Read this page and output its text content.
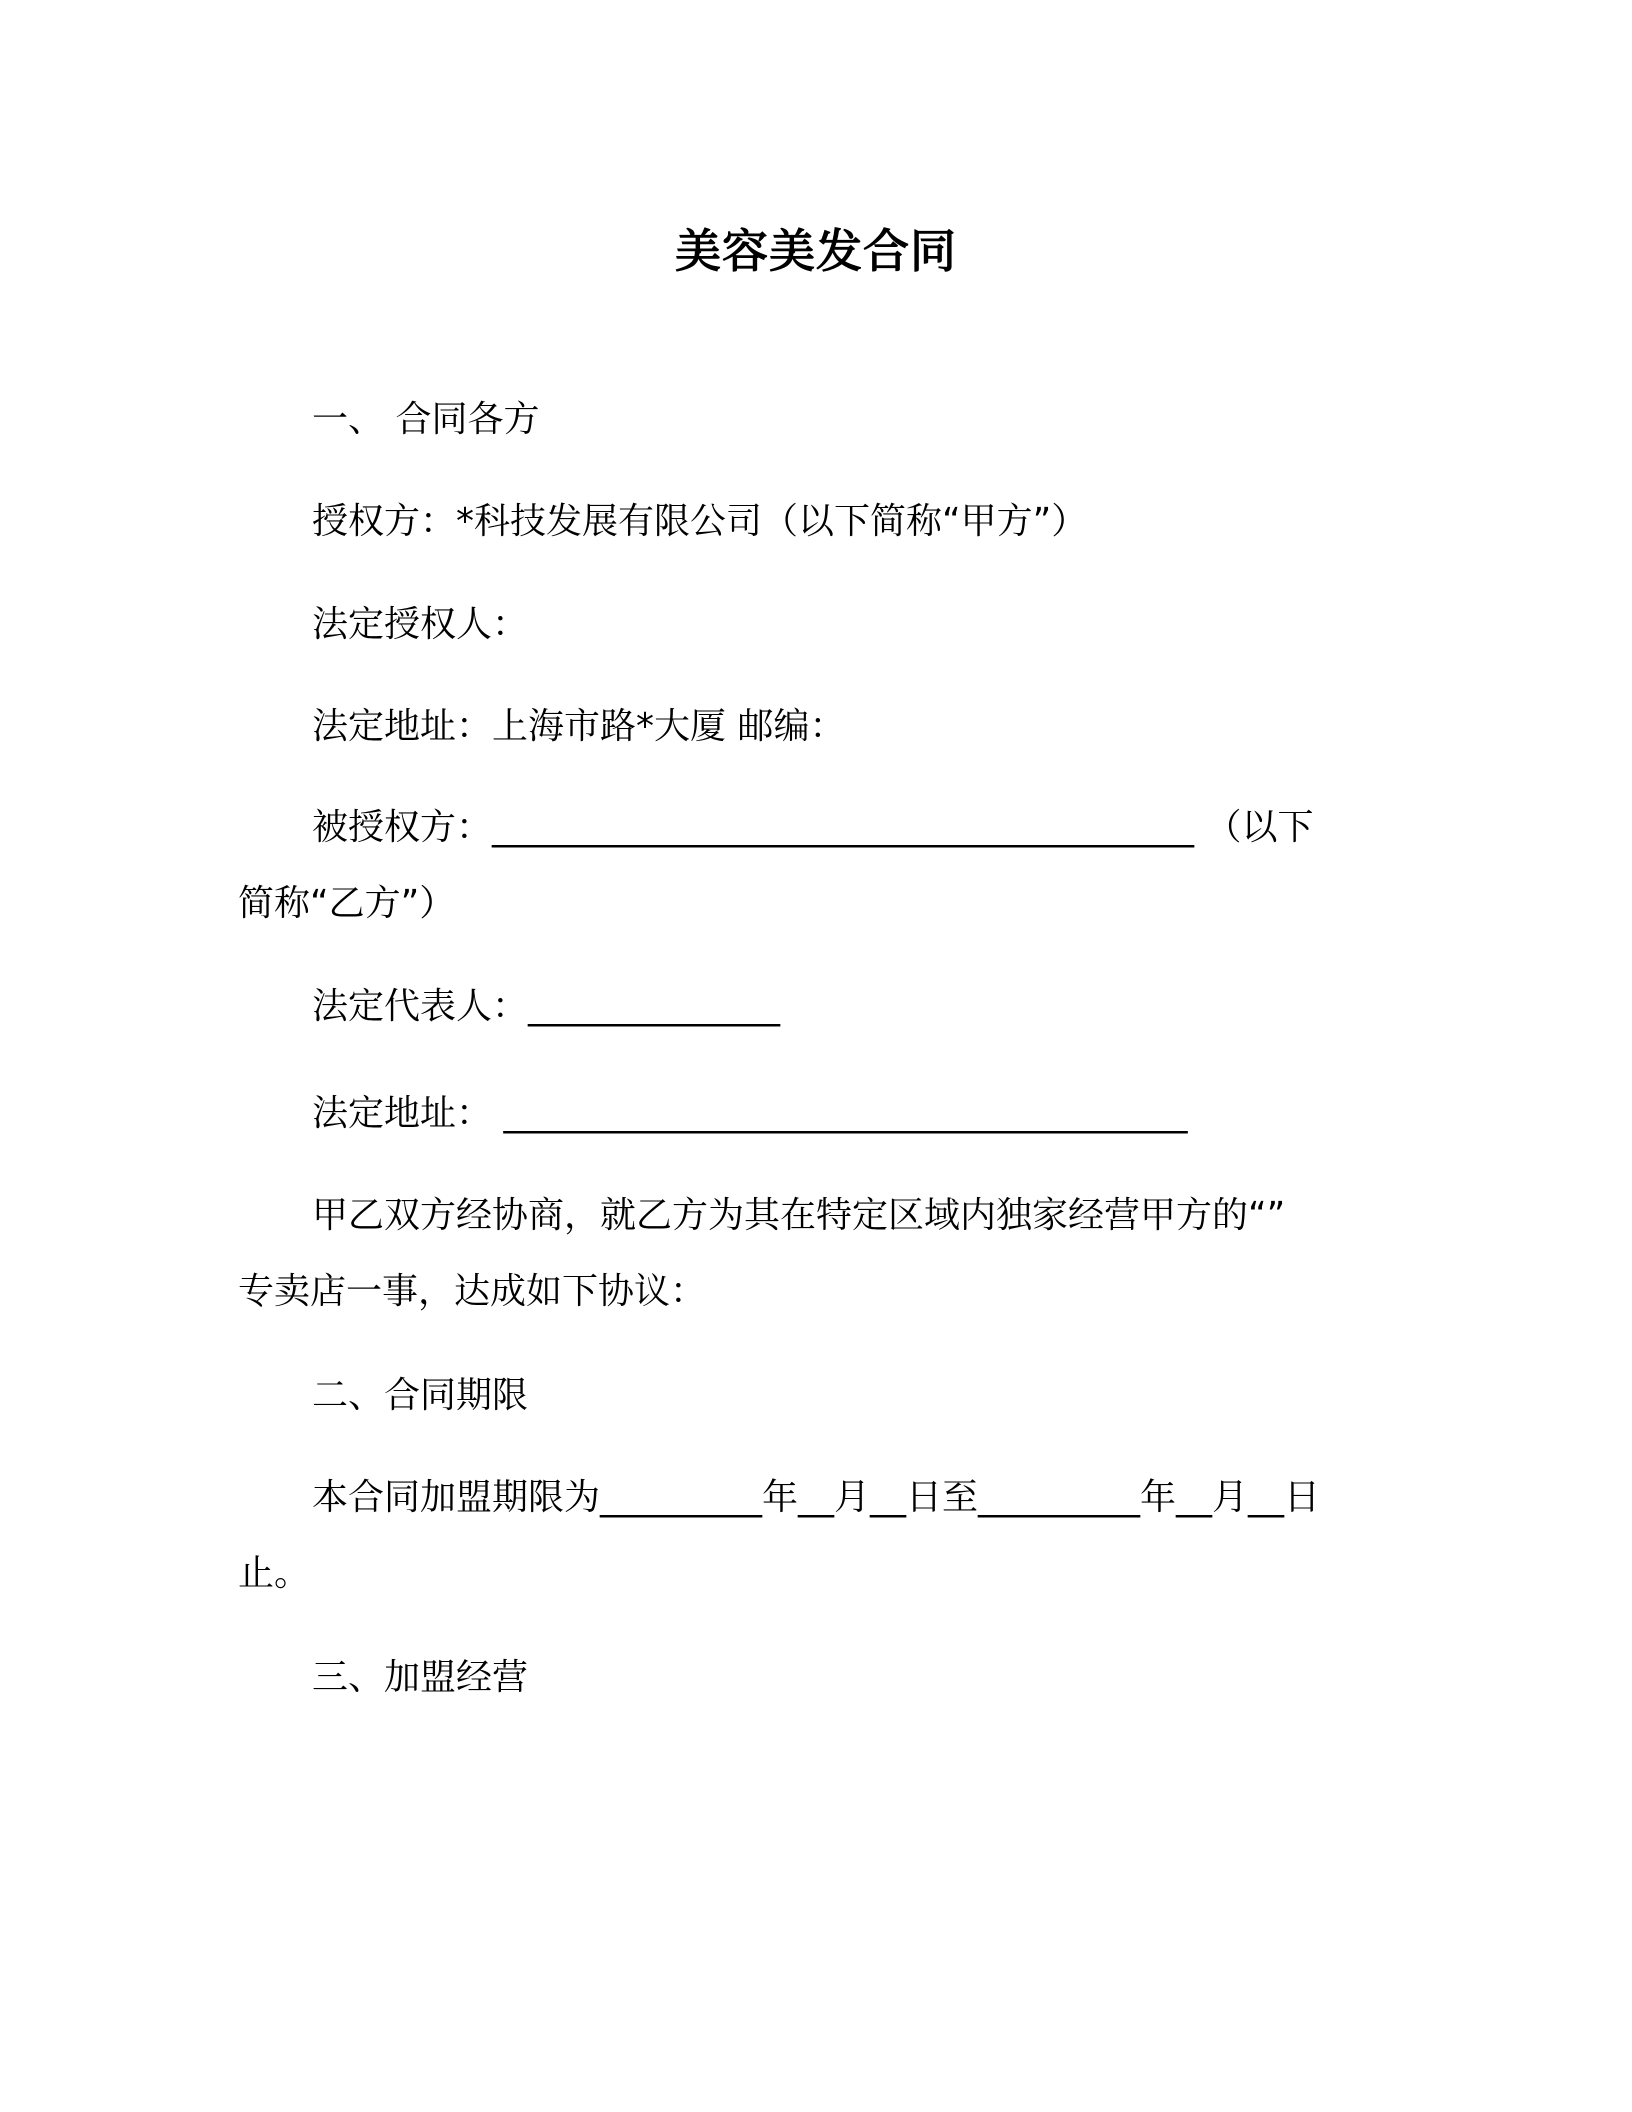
美容美发合同
一、 合同各方
授权方：*科技发展有限公司（以下简称“甲方”）
法定授权人：
法定地址：上海市路*大厦 邮编：
被授权方：_______________________________________ （以下
简称“乙方”）
法定代表人：______________
法定地址： ______________________________________
甲乙双方经协商，就乙方为其在特定区域内独家经营甲方的“”
专卖店一事，达成如下协议：
二、合同期限
本合同加盟期限为_________年__月__日至_________年__月__日
止。
三、加盟经营
